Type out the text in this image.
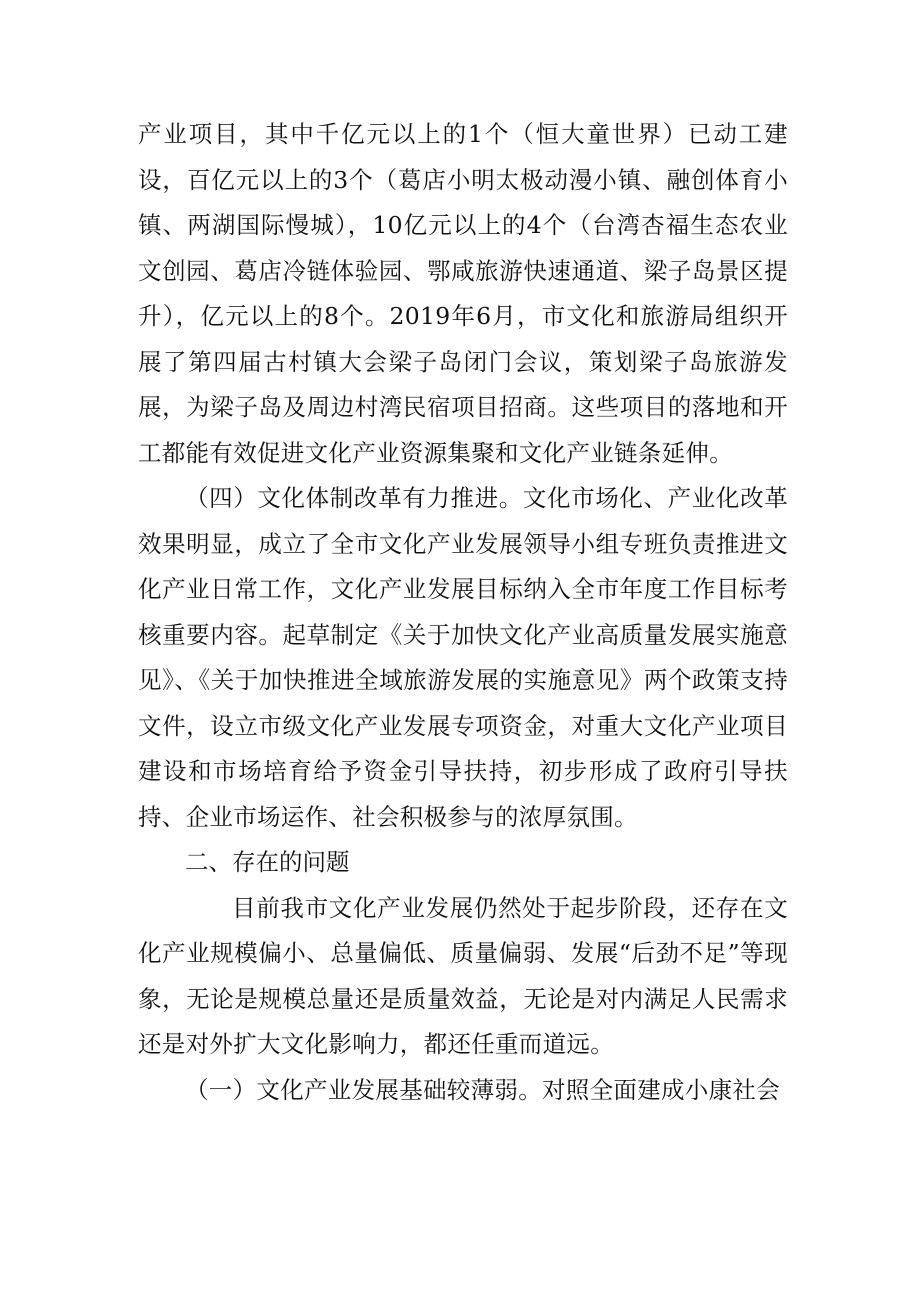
产业项目，其中千亿元以上的1个（恒大童世界）已动工建设，百亿元以上的3个（葛店小明太极动漫小镇、融创体育小镇、两湖国际慢城），10亿元以上的4个（台湾杏福生态农业文创园、葛店冷链体验园、鄂咸旅游快速通道、梁子岛景区提升），亿元以上的8个。2019年6月，市文化和旅游局组织开展了第四届古村镇大会梁子岛闭门会议，策划梁子岛旅游发展，为梁子岛及周边村湾民宿项目招商。这些项目的落地和开工都能有效促进文化产业资源集聚和文化产业链条延伸。

（四）文化体制改革有力推进。文化市场化、产业化改革效果明显，成立了全市文化产业发展领导小组专班负责推进文化产业日常工作，文化产业发展目标纳入全市年度工作目标考核重要内容。起草制定《关于加快文化产业高质量发展实施意见》、《关于加快推进全域旅游发展的实施意见》两个政策支持文件，设立市级文化产业发展专项资金，对重大文化产业项目建设和市场培育给予资金引导扶持，初步形成了政府引导扶持、企业市场运作、社会积极参与的浓厚氛围。

二、存在的问题

目前我市文化产业发展仍然处于起步阶段，还存在文化产业规模偏小、总量偏低、质量偏弱、发展“后劲不足”等现象，无论是规模总量还是质量效益，无论是对内满足人民需求还是对外扩大文化影响力，都还任重而道远。

（一）文化产业发展基础较薄弱。对照全面建成小康社会
